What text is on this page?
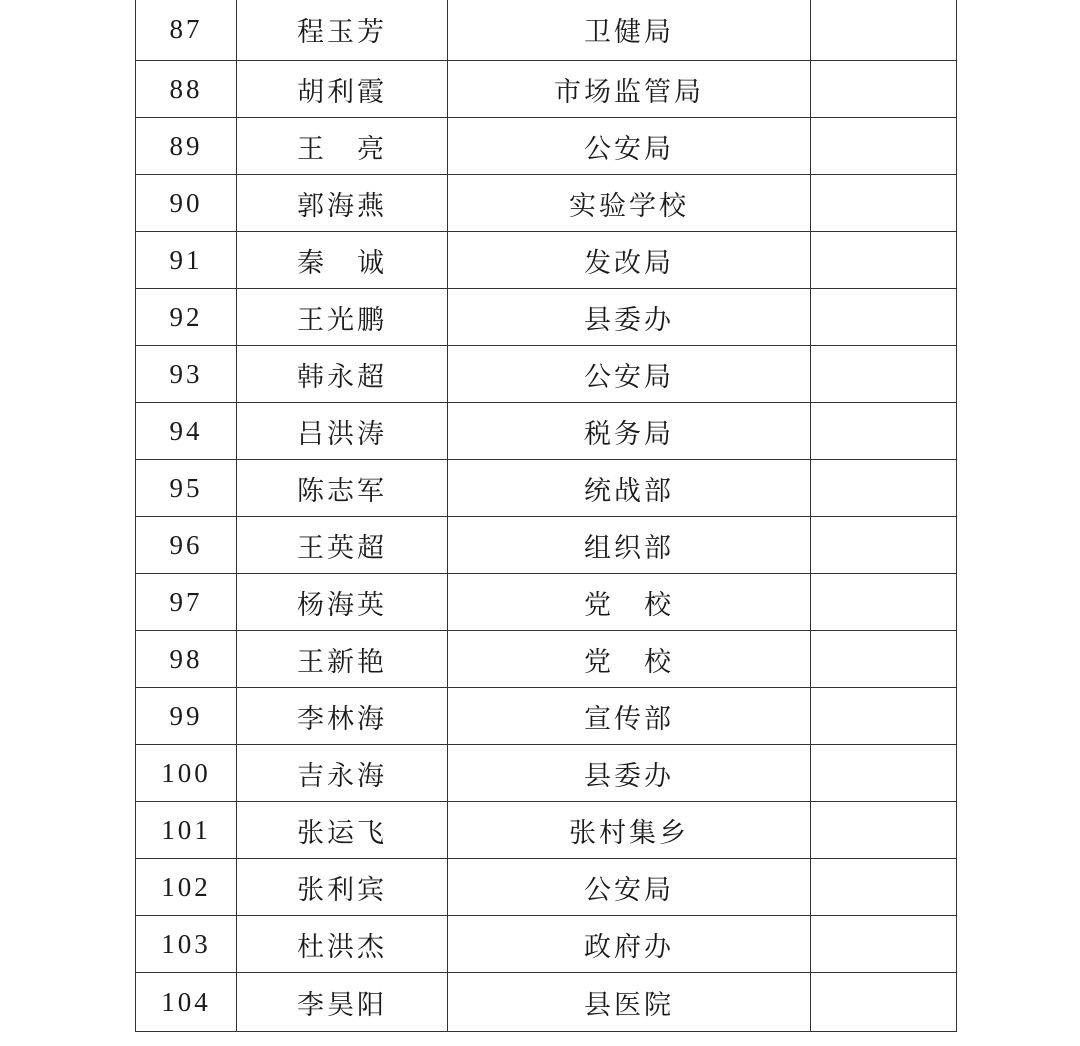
87	程玉芳	卫健局	
88	胡利霞	市场监管局	
89	王　亮	公安局	
90	郭海燕	实验学校	
91	秦　诚	发改局	
92	王光鹏	县委办	
93	韩永超	公安局	
94	吕洪涛	税务局	
95	陈志军	统战部	
96	王英超	组织部	
97	杨海英	党　校	
98	王新艳	党　校	
99	李林海	宣传部	
100	吉永海	县委办	
101	张运飞	张村集乡	
102	张利宾	公安局	
103	杜洪杰	政府办	
104	李昊阳	县医院	
